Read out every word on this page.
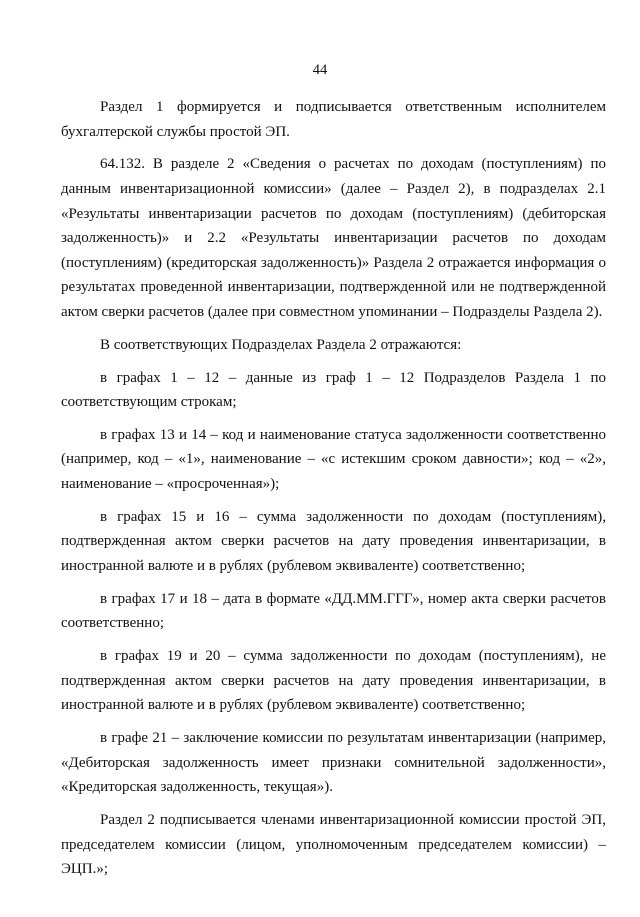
44

Раздел 1 формируется и подписывается ответственным исполнителем бухгалтерской службы простой ЭП.

64.132. В разделе 2 «Сведения о расчетах по доходам (поступлениям) по данным инвентаризационной комиссии» (далее – Раздел 2), в подразделах 2.1 «Результаты инвентаризации расчетов по доходам (поступлениям) (дебиторская задолженность)» и 2.2 «Результаты инвентаризации расчетов по доходам (поступлениям) (кредиторская задолженность)» Раздела 2 отражается информация о результатах проведенной инвентаризации, подтвержденной или не подтвержденной актом сверки расчетов (далее при совместном упоминании – Подразделы Раздела 2).

В соответствующих Подразделах Раздела 2 отражаются:

в графах 1 – 12 – данные из граф 1 – 12 Подразделов Раздела 1 по соответствующим строкам;

в графах 13 и 14 – код и наименование статуса задолженности соответственно (например, код – «1», наименование – «с истекшим сроком давности»; код – «2», наименование – «просроченная»);

в графах 15 и 16 – сумма задолженности по доходам (поступлениям), подтвержденная актом сверки расчетов на дату проведения инвентаризации, в иностранной валюте и в рублях (рублевом эквиваленте) соответственно;

в графах 17 и 18 – дата в формате «ДД.ММ.ГГГ», номер акта сверки расчетов соответственно;

в графах 19 и 20 – сумма задолженности по доходам (поступлениям), не подтвержденная актом сверки расчетов на дату проведения инвентаризации, в иностранной валюте и в рублях (рублевом эквиваленте) соответственно;

в графе 21 – заключение комиссии по результатам инвентаризации (например, «Дебиторская задолженность имеет признаки сомнительной задолженности», «Кредиторская задолженность, текущая»).

Раздел 2 подписывается членами инвентаризационной комиссии простой ЭП, председателем комиссии (лицом, уполномоченным председателем комиссии) – ЭЦП.»;
